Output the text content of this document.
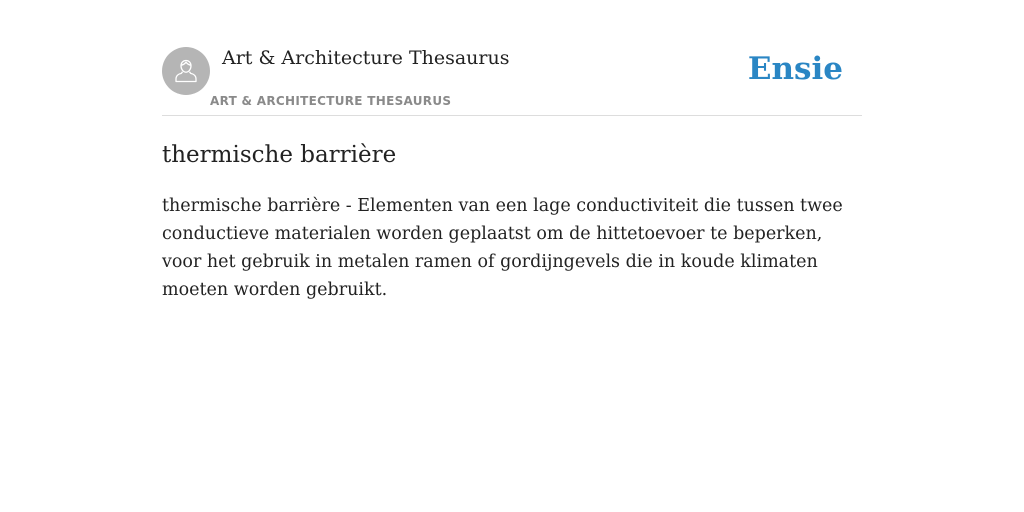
Art & Architecture Thesaurus
ART & ARCHITECTURE THESAURUS
Ensie
thermische barrière

thermische barrière - Elementen van een lage conductiviteit die tussen twee conductieve materialen worden geplaatst om de hittetoevoer te beperken, voor het gebruik in metalen ramen of gordijngevels die in koude klimaten moeten worden gebruikt.
